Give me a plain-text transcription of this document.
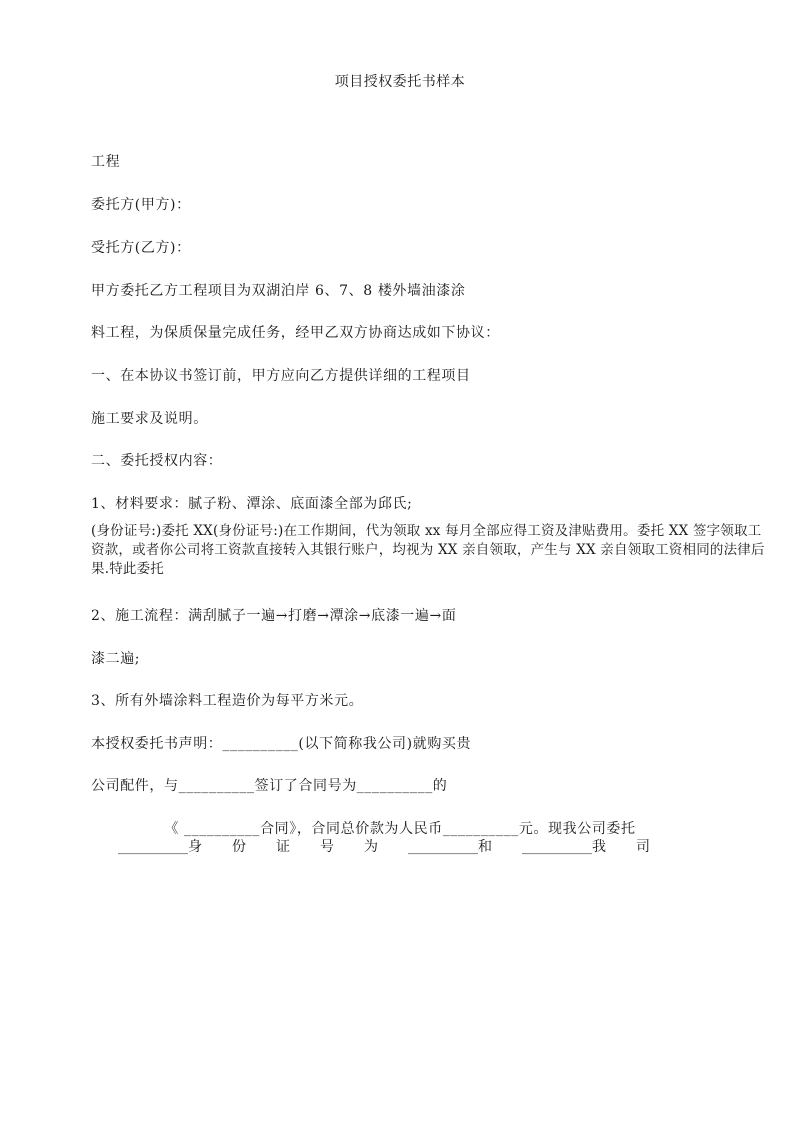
项目授权委托书样本
工程
委托方(甲方)：
受托方(乙方)：
甲方委托乙方工程项目为双湖泊岸 6、7、8 楼外墙油漆涂
料工程，为保质保量完成任务，经甲乙双方协商达成如下协议：
一、在本协议书签订前，甲方应向乙方提供详细的工程项目
施工要求及说明。
二、委托授权内容：
1、材料要求：腻子粉、潭涂、底面漆全部为邱氏;
(身份证号:)委托 XX(身份证号:)在工作期间，代为领取 xx 每月全部应得工资及津贴费用。委托 XX 签字领取工资款，或者你公司将工资款直接转入其银行账户，均视为 XX 亲自领取，产生与 XX 亲自领取工资相同的法律后果.特此委托
2、施工流程：满刮腻子一遍→打磨→潭涂→底漆一遍→面
漆二遍;
3、所有外墙涂料工程造价为每平方米元。
本授权委托书声明：__________(以下简称我公司)就购买贵
公司配件，与__________签订了合同号为__________的
《 __________合同》，合同总价款为人民币__________元。现我公司委托
__________身 份 证 号 为 __________和 __________我 司
